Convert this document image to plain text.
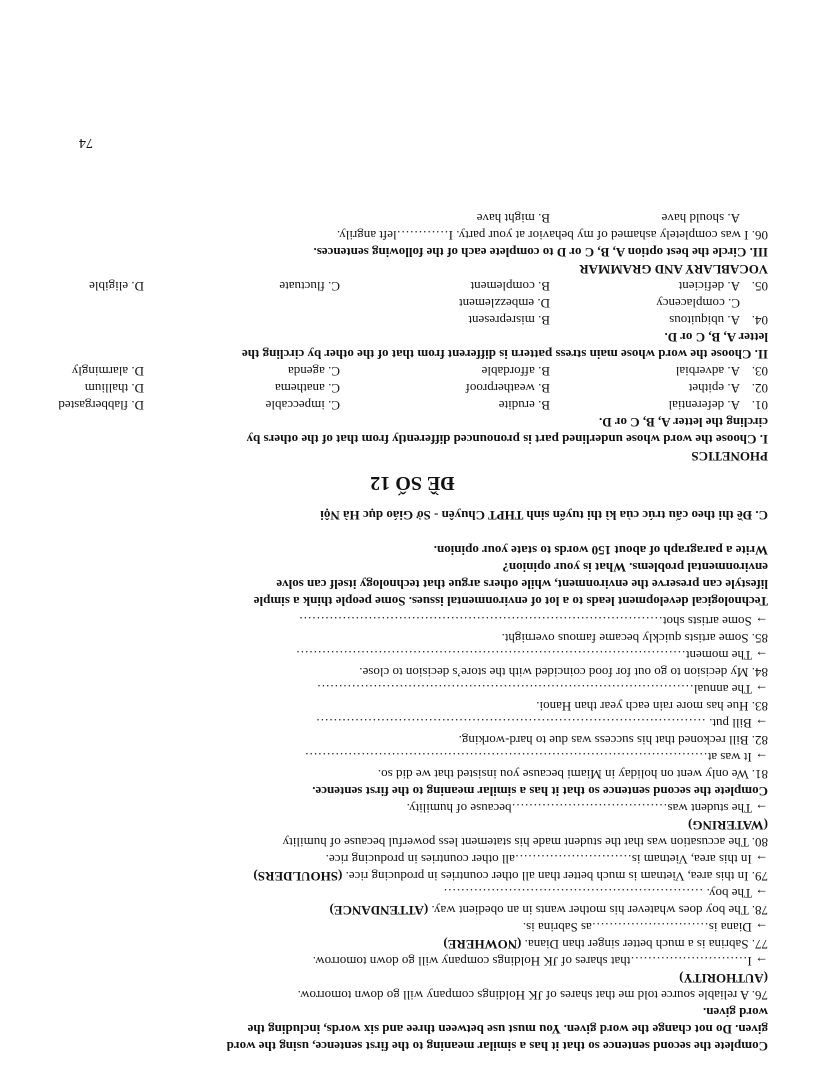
Complete the second sentence so that it has a similar meaning to the first sentence, using the word
given. Do not change the word given. You must use between three and six words, including the
word given.
76. A reliable source told me that shares of JK Holdings company will go down tomorrow.
(AUTHORITY)
→ I………………………that shares of JK Holdings company will go down tomorrow.
77. Sabrina is a much better singer than Diana. (NOWHERE)
→ Diana is………………………as Sabrina is.
78. The boy does whatever his mother wants in an obedient way. (ATTENDANCE)
→ The boy. ……………………………………………………
79. In this area, Vietnam is much better than all other countries in producing rice. (SHOULDERS)
→ In this area, Vietnam is………………………all other countries in producing rice.
80. The accusation was that the student made his statement less powerful because of humility
(WATERING)
→ The student was………………………………because of humility.
Complete the second sentence so that it has a similar meaning to the first sentence.
81. We only went on holiday in Miami because you insisted that we did so.
→ It was at…………………………………………………………………………………
82. Bill reckoned that his success was due to hard-working.
→ Bill put. ………………………………………………………………………………
83. Hue has more rain each year than Hanoi.
→ The annual……………………………………………………………………………
84. My decision to go out for food coincided with the store’s decision to close.
→ The moment………………………………………………………………………………
85. Some artists quickly became famous overnight.
→ Some artists shot…………………………………………………………………………
Technological development leads to a lot of environmental issues. Some people think a simple
lifestyle can preserve the environment, while others argue that technology itself can solve
environmental problems. What is your opinion?
Write a paragraph of about 150 words to state your opinion.
C. Đề thi theo cấu trúc của kì thi tuyển sinh THPT Chuyên - Sở Giáo dục Hà Nội
ĐỀ SỐ 12
PHONETICS
I. Choose the word whose underlined part is pronounced differently from that of the others by
circling the letter A, B, C or D.
01.
A. deferential
B. erudite
C. impeccable
D. flabbergasted
02.
A. epithet
B. weatherproof
C. anathema
D. thallium
03.
A. adverbial
B. affordable
C. agenda
D. alarmingly
II. Choose the word whose main stress pattern is different from that of the other by circling the
letter A, B, C or D.
04.
A. ubiquitous
B. misrepresent
C. complacency
D. embezzlement
05.
A. deficient
B. complement
C. fluctuate
D. eligible
VOCABLARY AND GRAMMAR
III. Circle the best option A, B, C or D to complete each of the following sentences.
06. I was completely ashamed of my behavior at your party. I…………left angrily.
A. should have
B. might have
74
